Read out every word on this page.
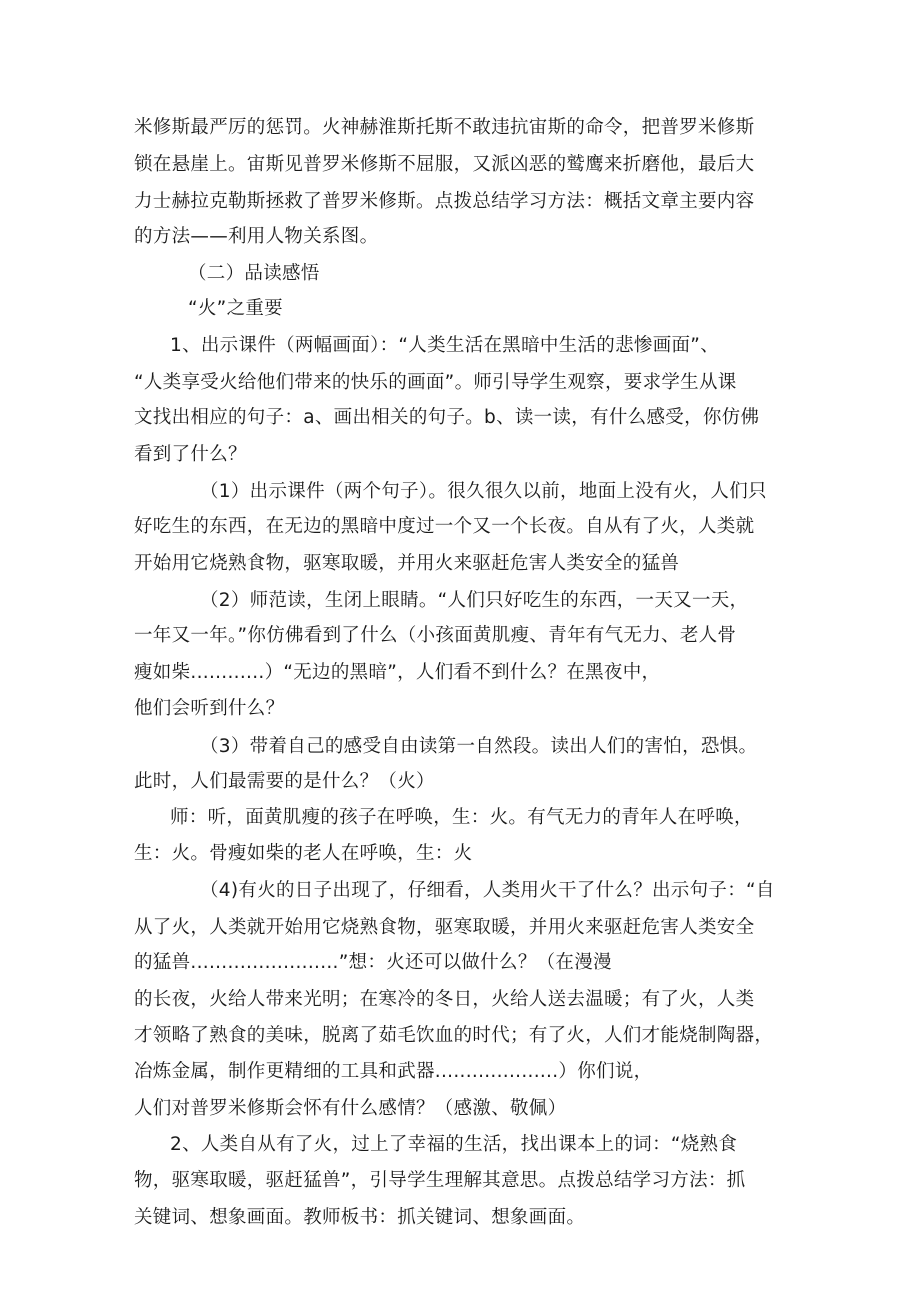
米修斯最严厉的惩罚。火神赫淮斯托斯不敢违抗宙斯的命令，把普罗米修斯
锁在悬崖上。宙斯见普罗米修斯不屈服，又派凶恶的鹫鹰来折磨他，最后大
力士赫拉克勒斯拯救了普罗米修斯。点拨总结学习方法：概括文章主要内容
的方法——利用人物关系图。
（二）品读感悟
“火”之重要
1、出示课件（两幅画面）：“人类生活在黑暗中生活的悲惨画面”、
“人类享受火给他们带来的快乐的画面”。师引导学生观察，要求学生从课
文找出相应的句子：a、画出相关的句子。b、读一读，有什么感受，你仿佛
看到了什么？
（1）出示课件（两个句子）。很久很久以前，地面上没有火，人们只
好吃生的东西，在无边的黑暗中度过一个又一个长夜。自从有了火，人类就
开始用它烧熟食物，驱寒取暖，并用火来驱赶危害人类安全的猛兽
（2）师范读，生闭上眼睛。“人们只好吃生的东西，一天又一天，
一年又一年。”你仿佛看到了什么（小孩面黄肌瘦、青年有气无力、老人骨
瘦如柴............）“无边的黑暗”，人们看不到什么？在黑夜中，
他们会听到什么？
（3）带着自己的感受自由读第一自然段。读出人们的害怕，恐惧。
此时，人们最需要的是什么？（火）
师：听，面黄肌瘦的孩子在呼唤，生：火。有气无力的青年人在呼唤，
生：火。骨瘦如柴的老人在呼唤，生：火
（4)有火的日子出现了，仔细看，人类用火干了什么？出示句子：“自
从了火，人类就开始用它烧熟食物，驱寒取暖，并用火来驱赶危害人类安全
的猛兽........................”想：火还可以做什么？（在漫漫
的长夜，火给人带来光明；在寒冷的冬日，火给人送去温暖；有了火，人类
才领略了熟食的美味，脱离了茹毛饮血的时代；有了火，人们才能烧制陶器，
冶炼金属，制作更精细的工具和武器....................）你们说，
人们对普罗米修斯会怀有什么感情？（感激、敬佩）
2、人类自从有了火，过上了幸福的生活，找出课本上的词：“烧熟食
物，驱寒取暖，驱赶猛兽”，引导学生理解其意思。点拨总结学习方法：抓
关键词、想象画面。教师板书：抓关键词、想象画面。
